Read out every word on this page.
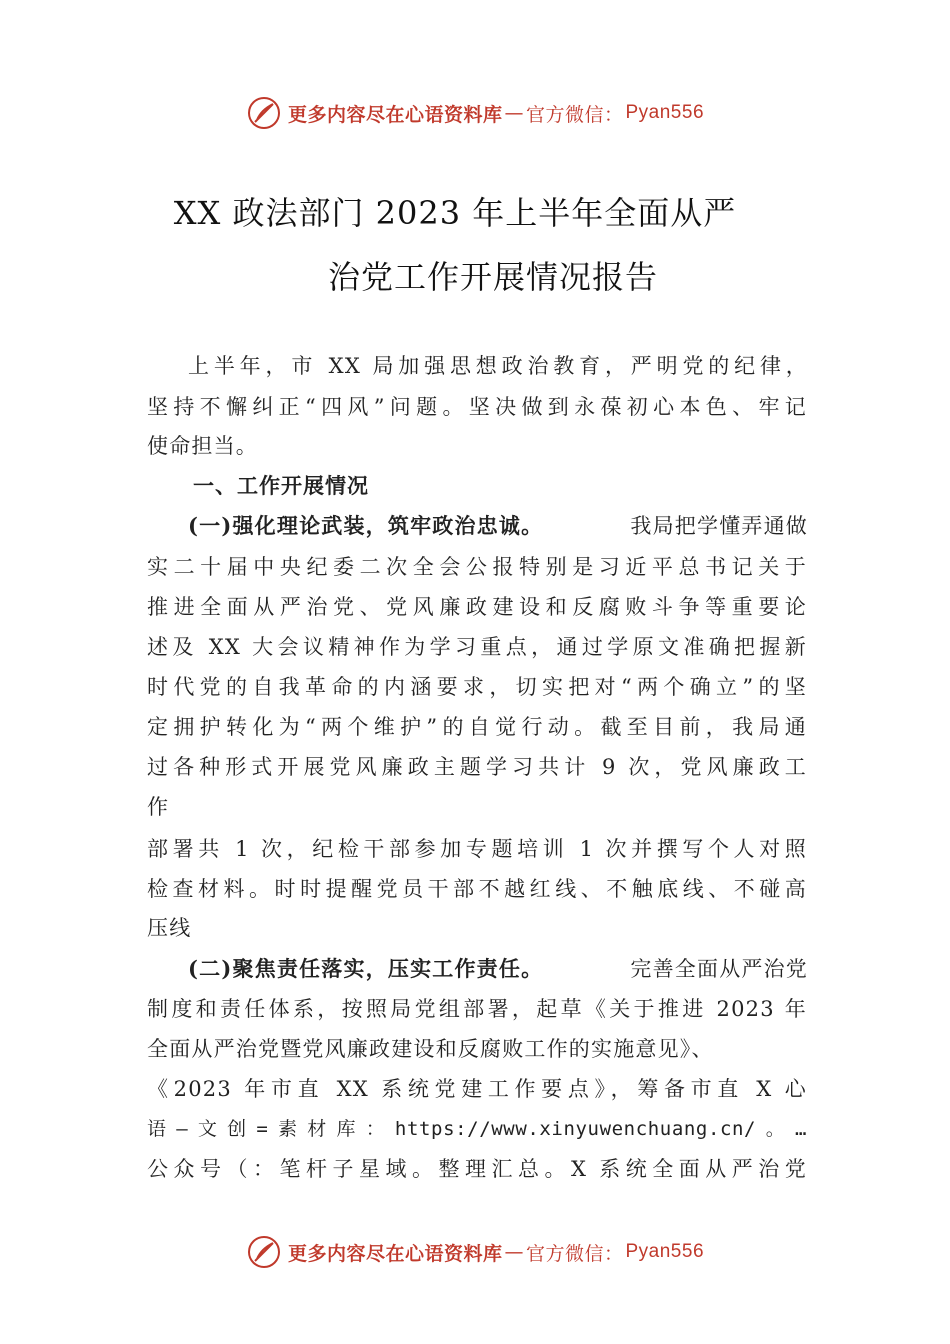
更多内容尽在心语资料库 — 官方微信： Pyan556
XX 政法部门 2023 年上半年全面从严
治党工作开展情况报告
上半年，市 XX 局加强思想政治教育，严明党的纪律，
坚持不懈纠正“四风”问题。坚决做到永葆初心本色、牢记
使命担当。
一、工作开展情况
(一)强化理论武装，筑牢政治忠诚。	我局把学懂弄通做
实二十届中央纪委二次全会公报特别是习近平总书记关于
推进全面从严治党、党风廉政建设和反腐败斗争等重要论
述及 XX 大会议精神作为学习重点，通过学原文准确把握新
时代党的自我革命的内涵要求，切实把对“两个确立”的坚
定拥护转化为“两个维护”的自觉行动。截至目前，我局通
过各种形式开展党风廉政主题学习共计 9 次，党风廉政工
作
部署共 1 次，纪检干部参加专题培训 1 次并撰写个人对照
检查材料。时时提醒党员干部不越红线、不触底线、不碰高
压线
(二)聚焦责任落实，压实工作责任。	完善全面从严治党
制度和责任体系，按照局党组部署，起草《关于推进 2023 年
全面从严治党暨党风廉政建设和反腐败工作的实施意见》、
《2023 年市直 XX 系统党建工作要点》，筹备市直 X 心
语—文创=素材库：https://www.xinyuwenchuang.cn/。…
公众号（：笔杆子星域。整理汇总。X 系统全面从严治党
更多内容尽在心语资料库 — 官方微信： Pyan556
